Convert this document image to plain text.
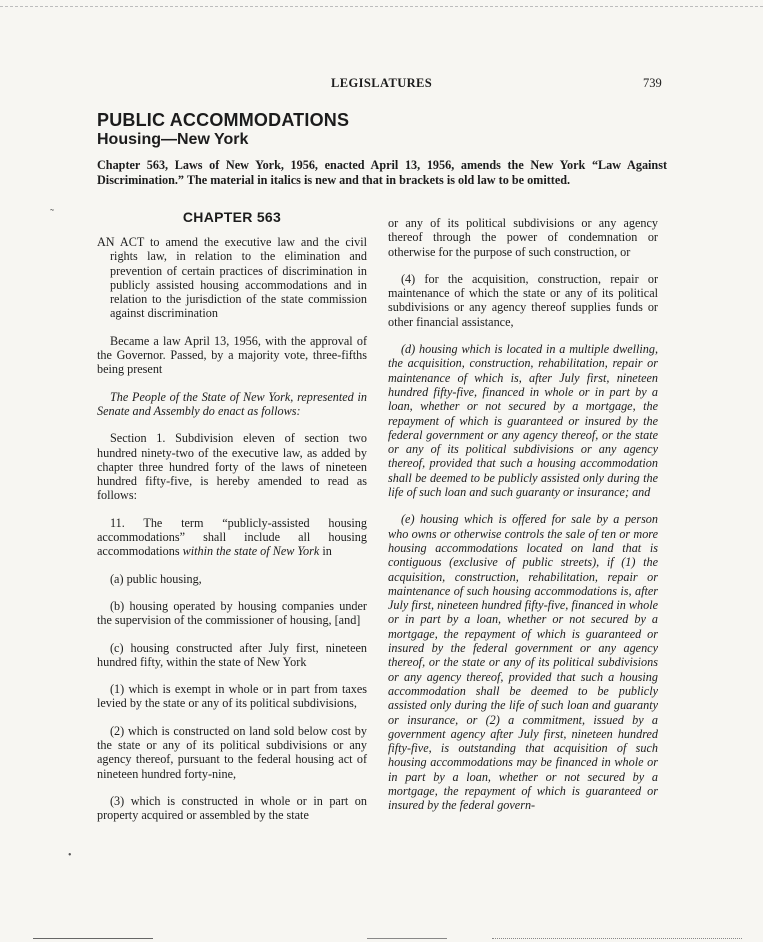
LEGISLATURES	739
PUBLIC ACCOMMODATIONS
Housing—New York

Chapter 563, Laws of New York, 1956, enacted April 13, 1956, amends the New York “Law Against Discrimination.” The material in italics is new and that in brackets is old law to be omitted.

˜
•
CHAPTER 563

AN ACT to amend the executive law and the civil rights law, in relation to the elimination and prevention of certain practices of discrimination in publicly assisted housing accommodations and in relation to the jurisdiction of the state commission against discrimination

Became a law April 13, 1956, with the approval of the Governor. Passed, by a majority vote, three-fifths being present

The People of the State of New York, represented in Senate and Assembly do enact as follows:

Section 1. Subdivision eleven of section two hundred ninety-two of the executive law, as added by chapter three hundred forty of the laws of nineteen hundred fifty-five, is hereby amended to read as follows:

11. The term “publicly-assisted housing accommodations” shall include all housing accommodations within the state of New York in

(a) public housing,

(b) housing operated by housing companies under the supervision of the commissioner of housing, [and]

(c) housing constructed after July first, nineteen hundred fifty, within the state of New York

(1) which is exempt in whole or in part from taxes levied by the state or any of its political subdivisions,

(2) which is constructed on land sold below cost by the state or any of its political subdivisions or any agency thereof, pursuant to the federal housing act of nineteen hundred forty-nine,

(3) which is constructed in whole or in part on property acquired or assembled by the state

or any of its political subdivisions or any agency thereof through the power of condemnation or otherwise for the purpose of such construction, or

(4) for the acquisition, construction, repair or maintenance of which the state or any of its political subdivisions or any agency thereof supplies funds or other financial assistance,

(d) housing which is located in a multiple dwelling, the acquisition, construction, rehabilitation, repair or maintenance of which is, after July first, nineteen hundred fifty-five, financed in whole or in part by a loan, whether or not secured by a mortgage, the repayment of which is guaranteed or insured by the federal government or any agency thereof, or the state or any of its political subdivisions or any agency thereof, provided that such a housing accommodation shall be deemed to be publicly assisted only during the life of such loan and such guaranty or insurance; and

(e) housing which is offered for sale by a person who owns or otherwise controls the sale of ten or more housing accommodations located on land that is contiguous (exclusive of public streets), if (1) the acquisition, construction, rehabilitation, repair or maintenance of such housing accommodations is, after July first, nineteen hundred fifty-five, financed in whole or in part by a loan, whether or not secured by a mortgage, the repayment of which is guaranteed or insured by the federal government or any agency thereof, or the state or any of its political subdivisions or any agency thereof, provided that such a housing accommodation shall be deemed to be publicly assisted only during the life of such loan and guaranty or insurance, or (2) a commitment, issued by a government agency after July first, nineteen hundred fifty-five, is outstanding that acquisition of such housing accommodations may be financed in whole or in part by a loan, whether or not secured by a mortgage, the repayment of which is guaranteed or insured by the federal govern-
